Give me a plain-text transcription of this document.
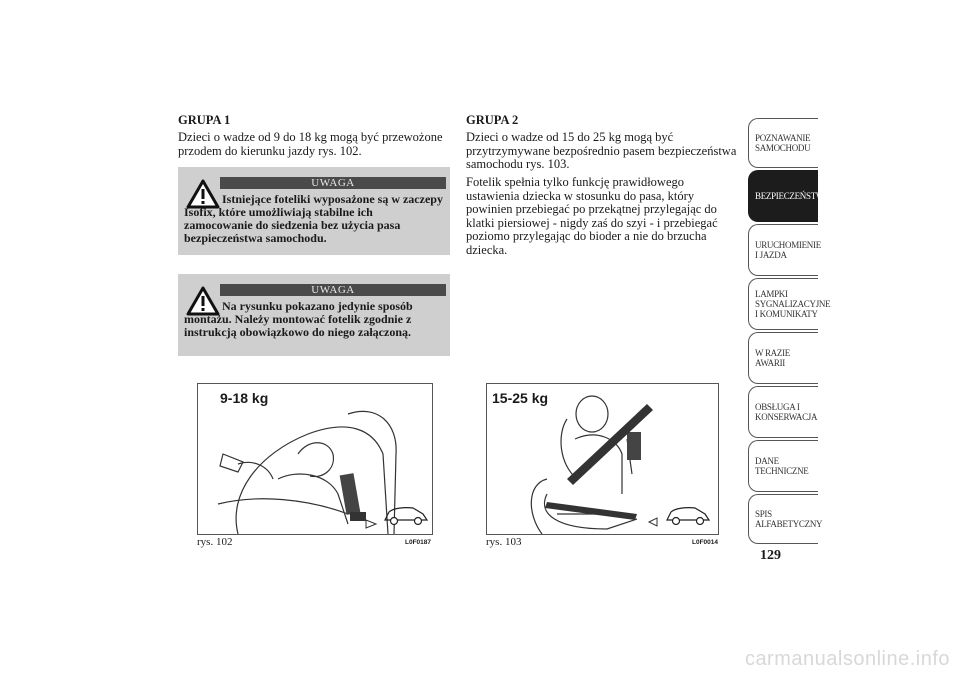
GRUPA 1
Dzieci o wadze od 9 do 18 kg mogą być przewożone przodem do kierunku jazdy rys. 102.
UWAGA
Istniejące foteliki wyposażone są w zaczepy Isofix, które umożliwiają stabilne ich zamocowanie do siedzenia bez użycia pasa bezpieczeństwa samochodu.
UWAGA
Na rysunku pokazano jedynie sposób montażu. Należy montować fotelik zgodnie z instrukcją obowiązkowo do niego załączoną.
GRUPA 2
Dzieci o wadze od 15 do 25 kg mogą być przytrzymywane bezpośrednio pasem bezpieczeństwa samochodu rys. 103.
Fotelik spełnia tylko funkcję prawidłowego ustawienia dziecka w stosunku do pasa, który powinien przebiegać po przekątnej przylegając do klatki piersiowej - nigdy zaś do szyi - i przebiegać poziomo przylegając do bioder a nie do brzucha dziecka.
9-18 kg
rys. 102	L0F0187
15-25 kg
rys. 103	L0F0014
POZNAWANIE SAMOCHODU
BEZPIECZEŃSTWO
URUCHOMIENIE I JAZDA
LAMPKI SYGNALIZACYJNE I KOMUNIKATY
W RAZIE AWARII
OBSŁUGA I KONSERWACJA
DANE TECHNICZNE
SPIS ALFABETYCZNY
129
carmanualsonline.info
